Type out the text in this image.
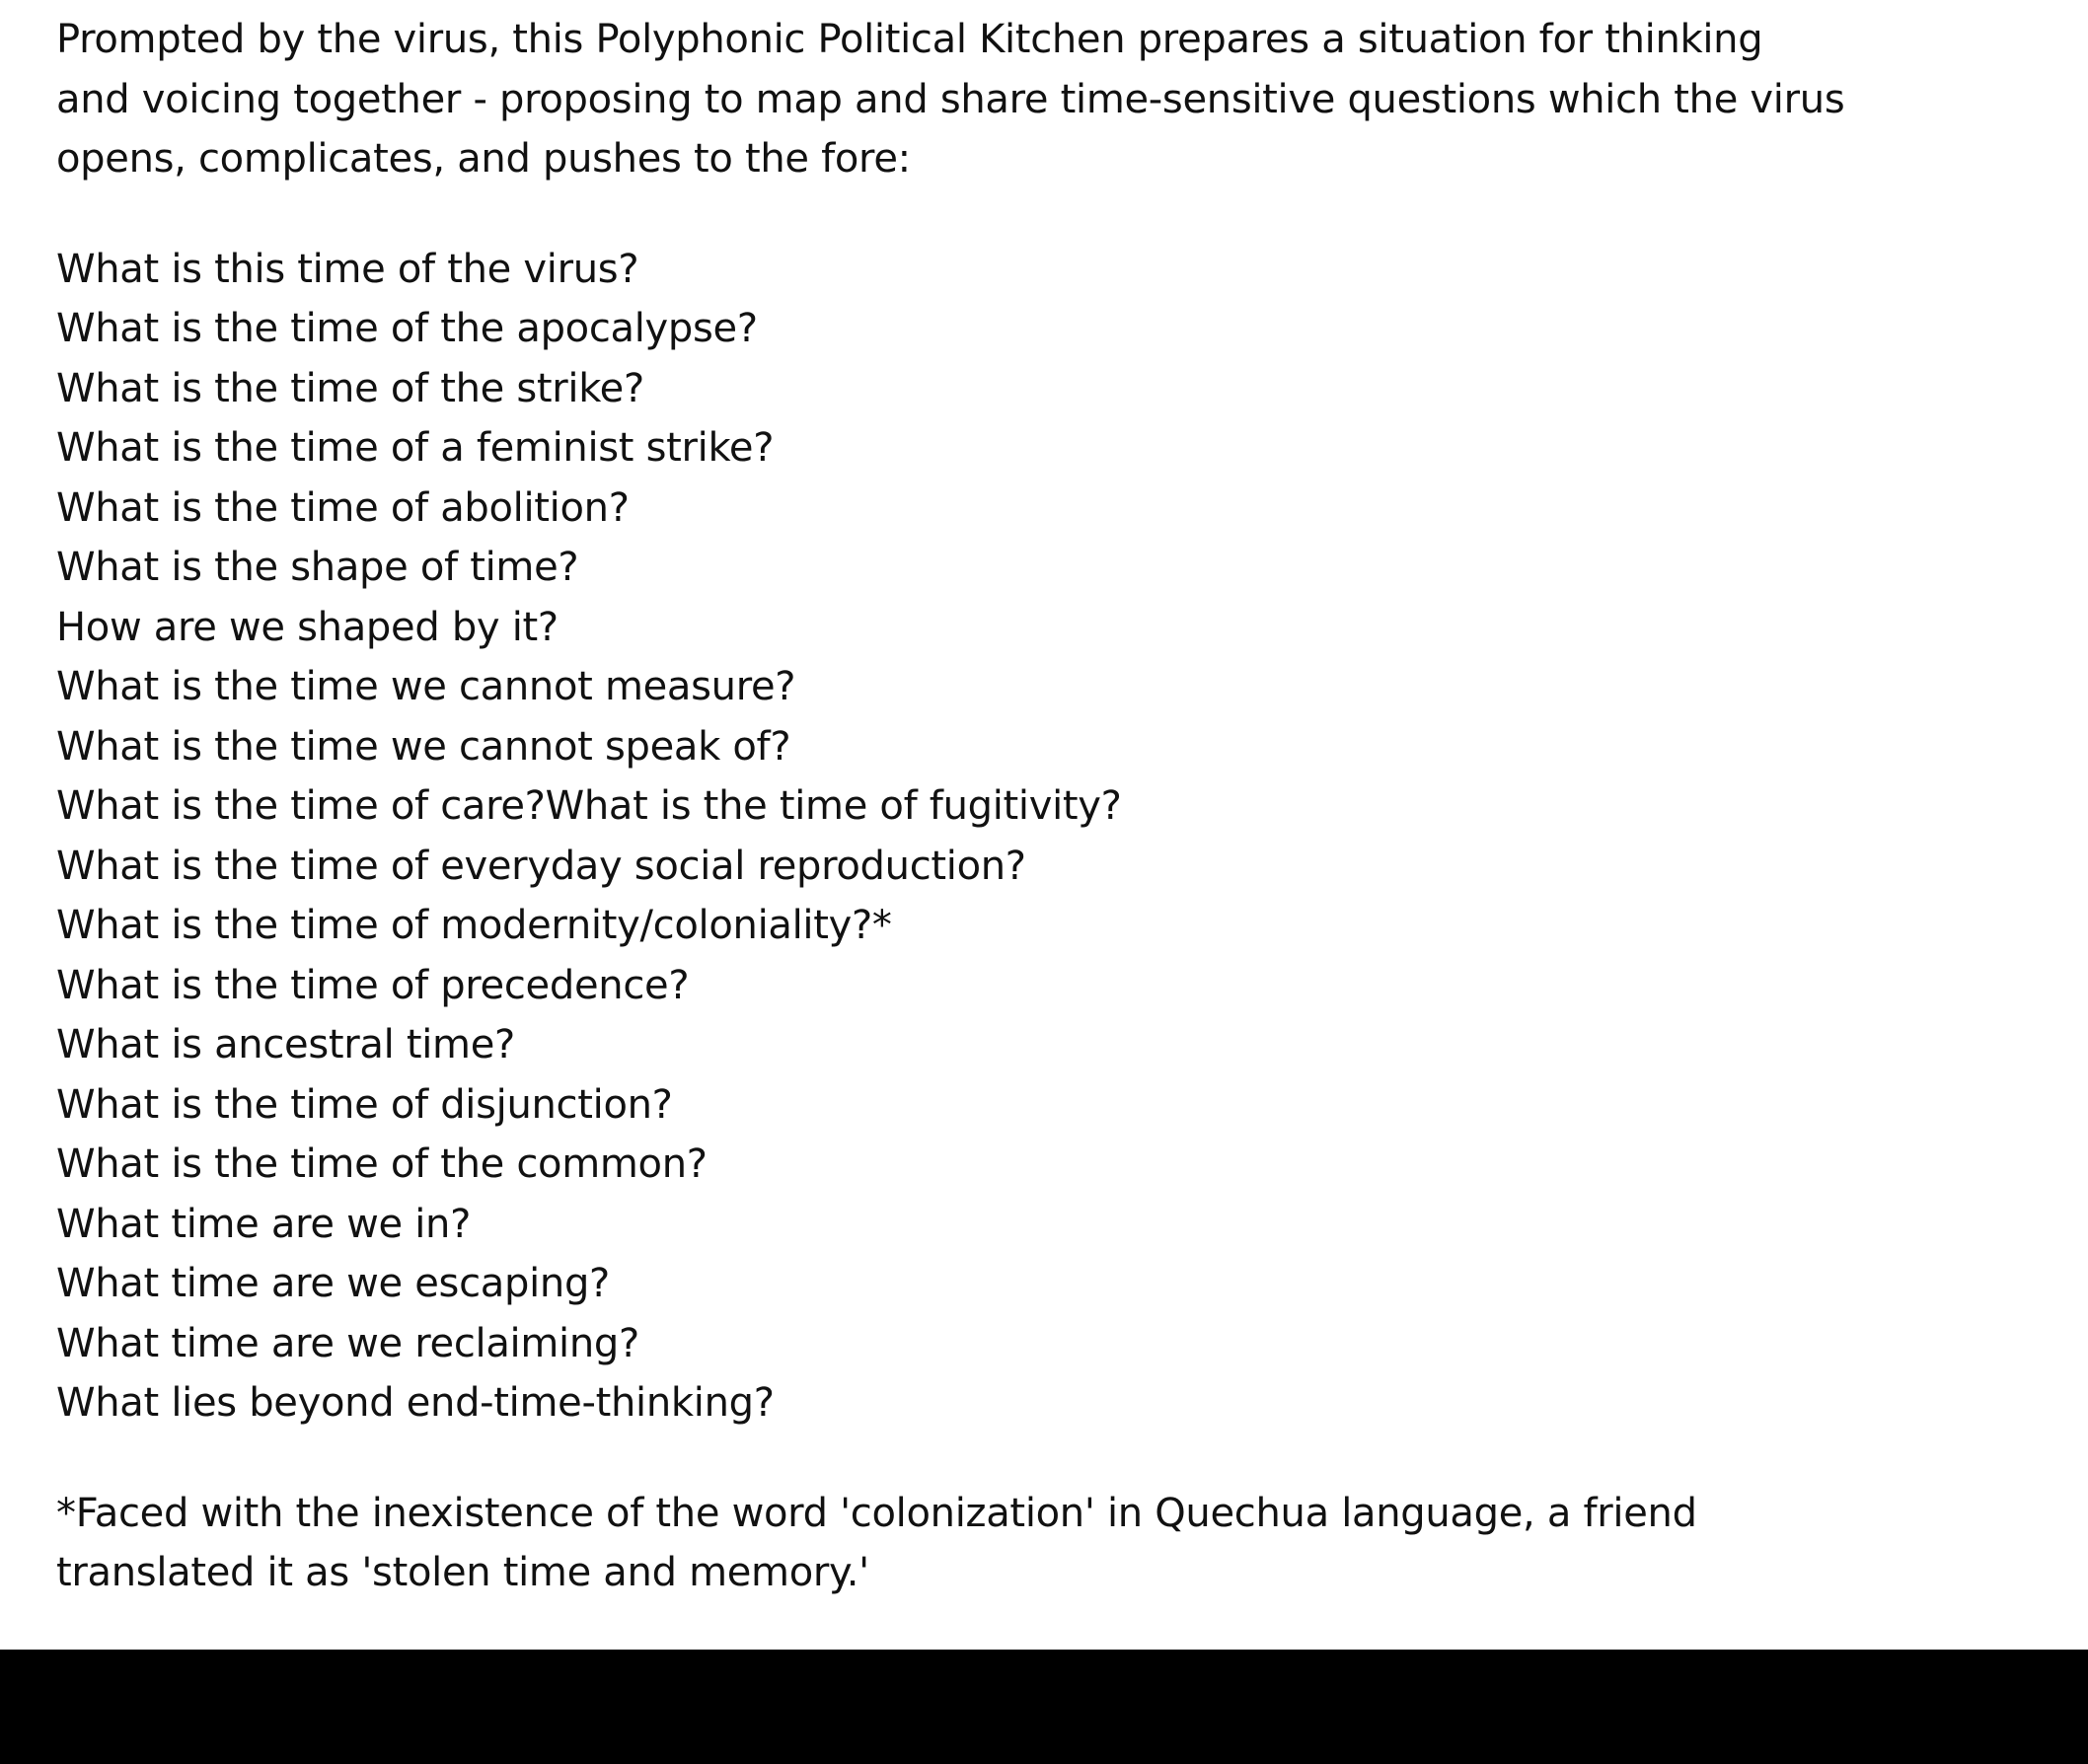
Prompted by the virus, this Polyphonic Political Kitchen prepares a situation for thinking and voicing together - proposing to map and share time-sensitive questions which the virus opens, complicates, and pushes to the fore:

What is this time of the virus?
What is the time of the apocalypse?
What is the time of the strike?
What is the time of a feminist strike?
What is the time of abolition?
What is the shape of time?
How are we shaped by it?
What is the time we cannot measure?
What is the time we cannot speak of?
What is the time of care?What is the time of fugitivity?
What is the time of everyday social reproduction?
What is the time of modernity/coloniality?*
What is the time of precedence?
What is ancestral time?
What is the time of disjunction?
What is the time of the common?
What time are we in?
What time are we escaping?
What time are we reclaiming?
What lies beyond end-time-thinking?

*Faced with the inexistence of the word 'colonization' in Quechua language, a friend translated it as 'stolen time and memory.'
